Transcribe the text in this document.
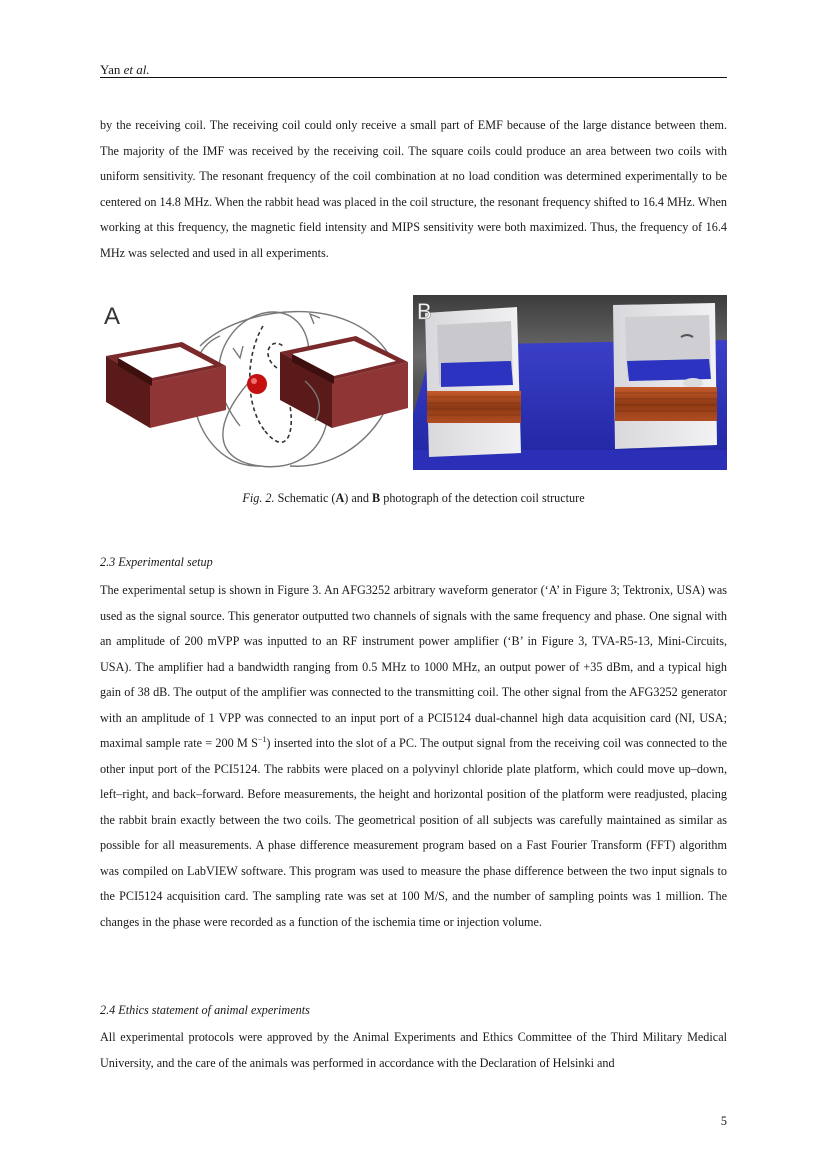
Yan et al.

by the receiving coil. The receiving coil could only receive a small part of EMF because of the large distance between them. The majority of the IMF was received by the receiving coil. The square coils could produce an area between two coils with uniform sensitivity. The resonant frequency of the coil combination at no load condition was determined experimentally to be centered on 14.8 MHz. When the rabbit head was placed in the coil structure, the resonant frequency shifted to 16.4 MHz. When working at this frequency, the magnetic field intensity and MIPS sensitivity were both maximized. Thus, the frequency of 16.4 MHz was selected and used in all experiments.

A	B
Fig. 2. Schematic (A) and B photograph of the detection coil structure
2.3 Experimental setup

The experimental setup is shown in Figure 3. An AFG3252 arbitrary waveform generator (‘A’ in Figure 3; Tektronix, USA) was used as the signal source. This generator outputted two channels of signals with the same frequency and phase. One signal with an amplitude of 200 mVPP was inputted to an RF instrument power amplifier (‘B’ in Figure 3, TVA-R5-13, Mini-Circuits, USA). The amplifier had a bandwidth ranging from 0.5 MHz to 1000 MHz, an output power of +35 dBm, and a typical high gain of 38 dB. The output of the amplifier was connected to the transmitting coil. The other signal from the AFG3252 generator with an amplitude of 1 VPP was connected to an input port of a PCI5124 dual-channel high data acquisition card (NI, USA; maximal sample rate = 200 M $S^{-1}$) inserted into the slot of a PC. The output signal from the receiving coil was connected to the other input port of the PCI5124. The rabbits were placed on a polyvinyl chloride plate platform, which could move up–down, left–right, and back–forward. Before measurements, the height and horizontal position of the platform were readjusted, placing the rabbit brain exactly between the two coils. The geometrical position of all subjects was carefully maintained as similar as possible for all measurements. A phase difference measurement program based on a Fast Fourier Transform (FFT) algorithm was compiled on LabVIEW software. This program was used to measure the phase difference between the two input signals to the PCI5124 acquisition card. The sampling rate was set at 100 M/S, and the number of sampling points was 1 million. The changes in the phase were recorded as a function of the ischemia time or injection volume.

2.4 Ethics statement of animal experiments

All experimental protocols were approved by the Animal Experiments and Ethics Committee of the Third Military Medical University, and the care of the animals was performed in accordance with the Declaration of Helsinki and

5
